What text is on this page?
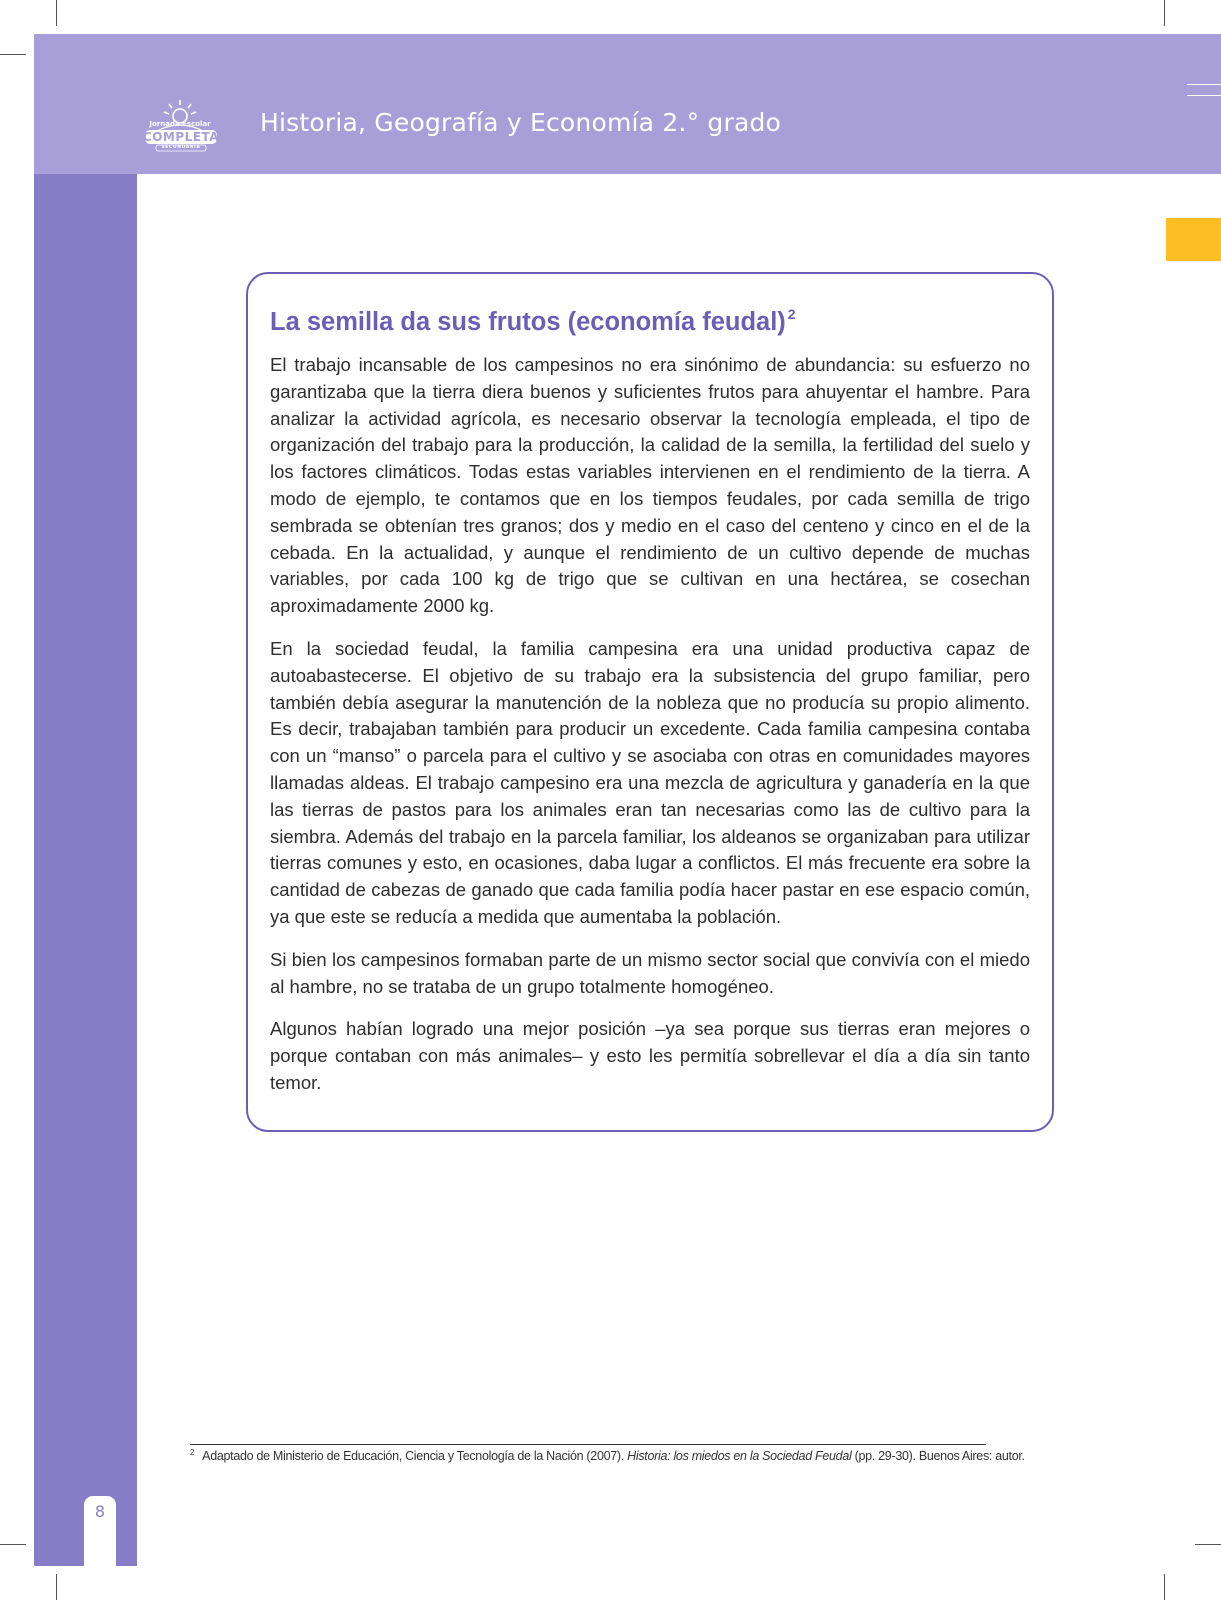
Jornada Escolar
COMPLETA
SECUNDARIA
Historia, Geografía y Economía 2.° grado
8
La semilla da sus frutos (economía feudal) $^2$

El trabajo incansable de los campesinos no era sinónimo de abundancia: su esfuerzo no garantizaba que la tierra diera buenos y suficientes frutos para ahuyentar el hambre. Para analizar la actividad agrícola, es necesario observar la tecnología empleada, el tipo de organización del trabajo para la producción, la calidad de la semilla, la fertilidad del suelo y los factores climáticos. Todas estas variables intervienen en el rendimiento de la tierra. A modo de ejemplo, te contamos que en los tiempos feudales, por cada semilla de trigo sembrada se obtenían tres granos; dos y medio en el caso del centeno y cinco en el de la cebada. En la actualidad, y aunque el rendimiento de un cultivo depende de muchas variables, por cada 100 kg de trigo que se cultivan en una hectárea, se cosechan aproximadamente 2000 kg.

En la sociedad feudal, la familia campesina era una unidad productiva capaz de autoabastecerse. El objetivo de su trabajo era la subsistencia del grupo familiar, pero también debía asegurar la manutención de la nobleza que no producía su propio alimento. Es decir, trabajaban también para producir un excedente. Cada familia campesina contaba con un “manso” o parcela para el cultivo y se asociaba con otras en comunidades mayores llamadas aldeas. El trabajo campesino era una mezcla de agricultura y ganadería en la que las tierras de pastos para los animales eran tan necesarias como las de cultivo para la siembra. Además del trabajo en la parcela familiar, los aldeanos se organizaban para utilizar tierras comunes y esto, en ocasiones, daba lugar a conflictos. El más frecuente era sobre la cantidad de cabezas de ganado que cada familia podía hacer pastar en ese espacio común, ya que este se reducía a medida que aumentaba la población.

Si bien los campesinos formaban parte de un mismo sector social que convivía con el miedo al hambre, no se trataba de un grupo totalmente homogéneo.

Algunos habían logrado una mejor posición –ya sea porque sus tierras eran mejores o porque contaban con más animales– y esto les permitía sobrellevar el día a día sin tanto temor.

$^2$ Adaptado de Ministerio de Educación, Ciencia y Tecnología de la Nación (2007). Historia: los miedos en la Sociedad Feudal (pp. 29-30). Buenos Aires: autor.
